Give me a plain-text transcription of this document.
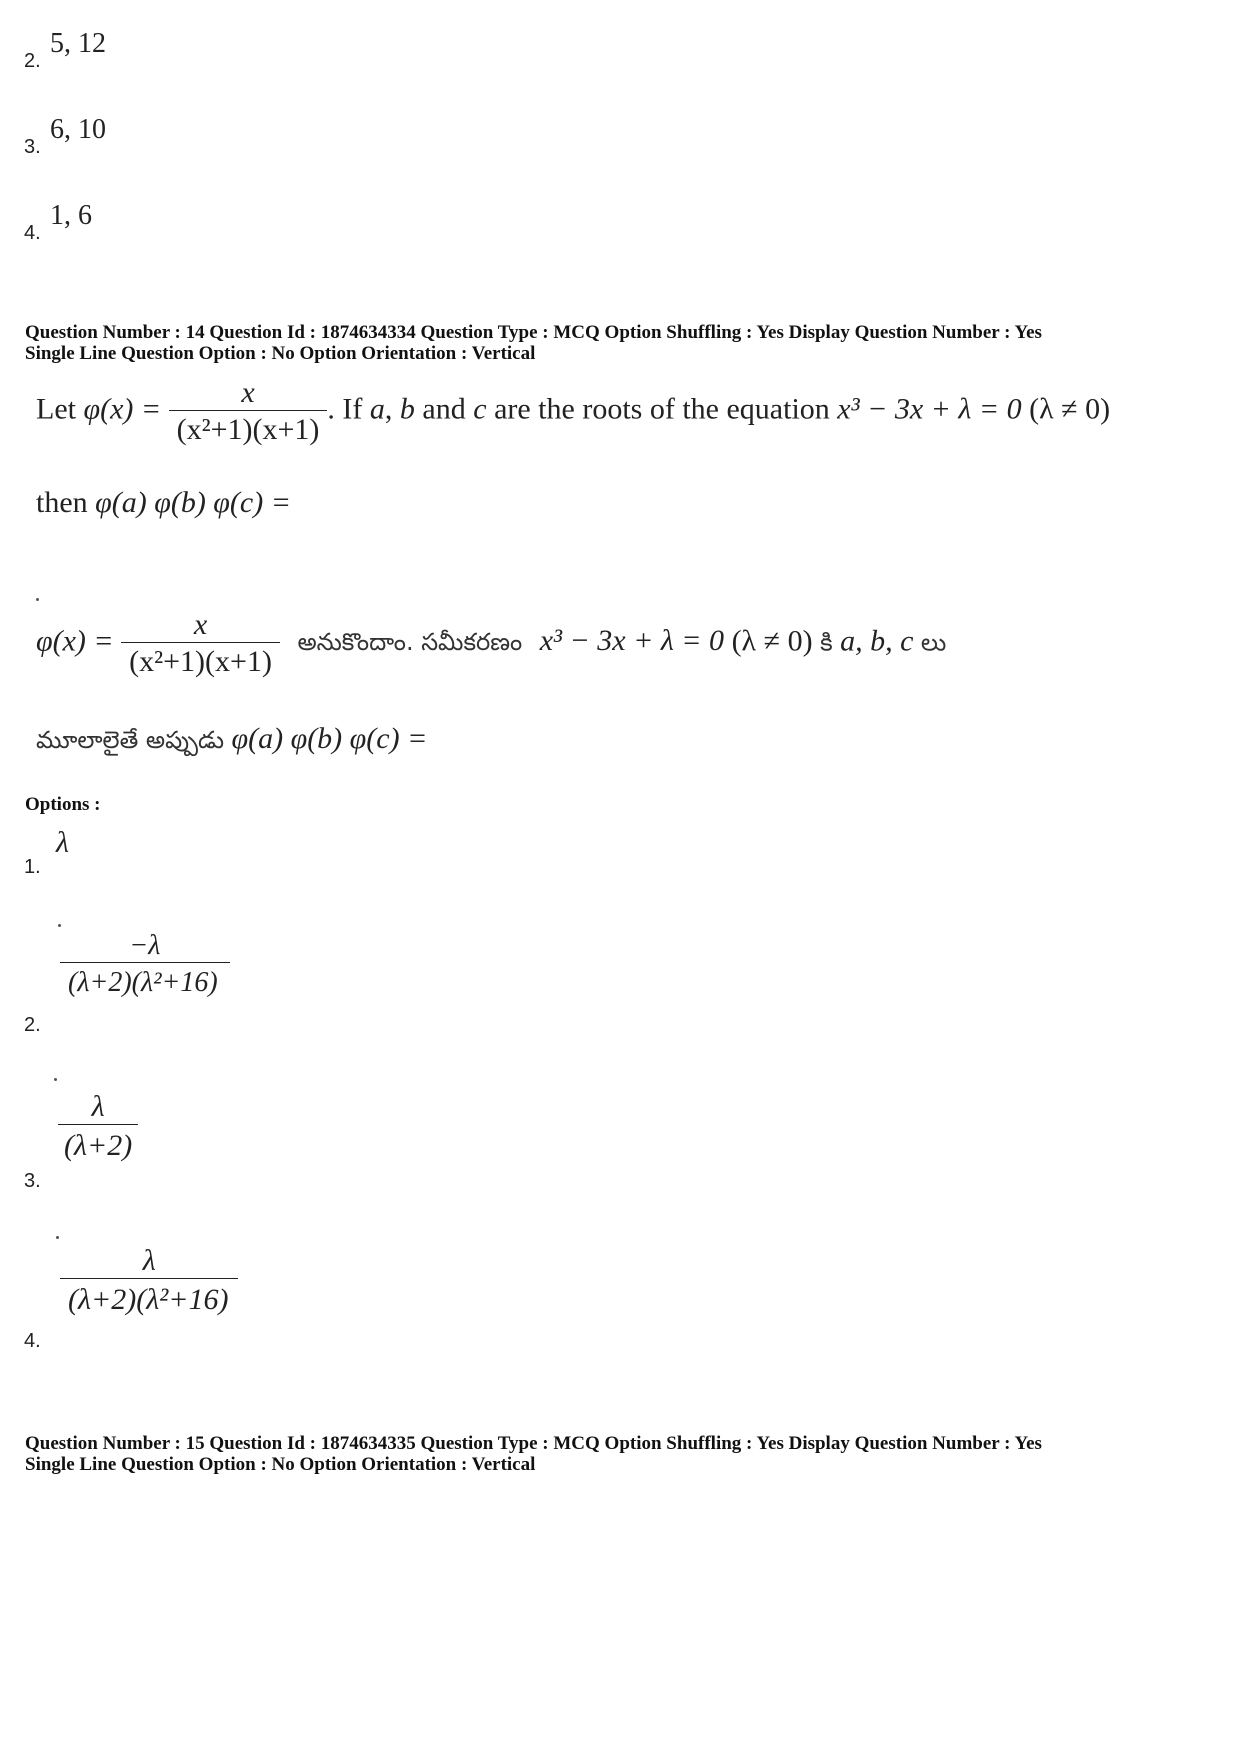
2.
5, 12
3.
6, 10
4.
1, 6
Question Number : 14 Question Id : 1874634334 Question Type : MCQ Option Shuffling : Yes Display Question Number : Yes
Single Line Question Option : No Option Orientation : Vertical
Let $\varphi(x) = \frac{x}{\text{(x²+1)(x+1)}}$ . If a, b and c are the roots of the equation x³ − 3x + λ = 0 (λ ≠ 0)
then φ(a) φ(b) φ(c) =
$\varphi(x) = \frac{x}{\text{(x²+1)(x+1)}}$ అనుకొందాం. సమీకరణం x³ − 3x + λ = 0 (λ ≠ 0) కి a, b, c లు
మూలాలైతే అప్పుడు φ(a) φ(b) φ(c) =
Options :
1.
λ
$\frac{-\lambda}{\text{(λ+2)(λ²+16)}}$
2.
$\frac{\lambda}{(\lambda+2)}$
3.
$\frac{\lambda}{\text{(λ+2)(λ²+16)}}$
4.
Question Number : 15 Question Id : 1874634335 Question Type : MCQ Option Shuffling : Yes Display Question Number : Yes
Single Line Question Option : No Option Orientation : Vertical
